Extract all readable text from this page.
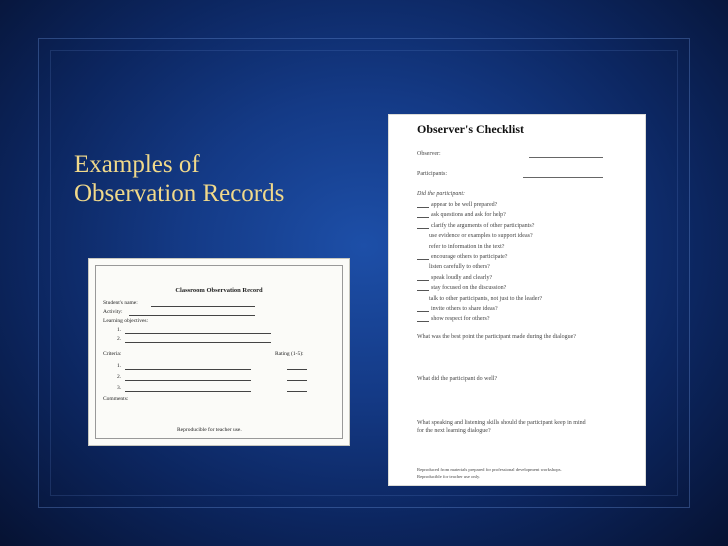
Examples of
Observation Records
Classroom Observation Record
Student's name:
Activity:
Learning objectives:
1.
2.
Criteria:	Rating (1-5):
1.
2.
3.
Comments:
Reproducible for teacher use.
Observer's Checklist
Observer:
Participants:
Did the participant:
appear to be well prepared?
ask questions and ask for help?
clarify the arguments of other participants?
use evidence or examples to support ideas?
refer to information in the text?
encourage others to participate?
listen carefully to others?
speak loudly and clearly?
stay focused on the discussion?
talk to other participants, not just to the leader?
invite others to share ideas?
show respect for others?
What was the best point the participant made during the dialogue?
What did the participant do well?
What speaking and listening skills should the participant keep in mind
for the next learning dialogue?
Reproduced from materials prepared for professional development workshops.
Reproducible for teacher use only.
